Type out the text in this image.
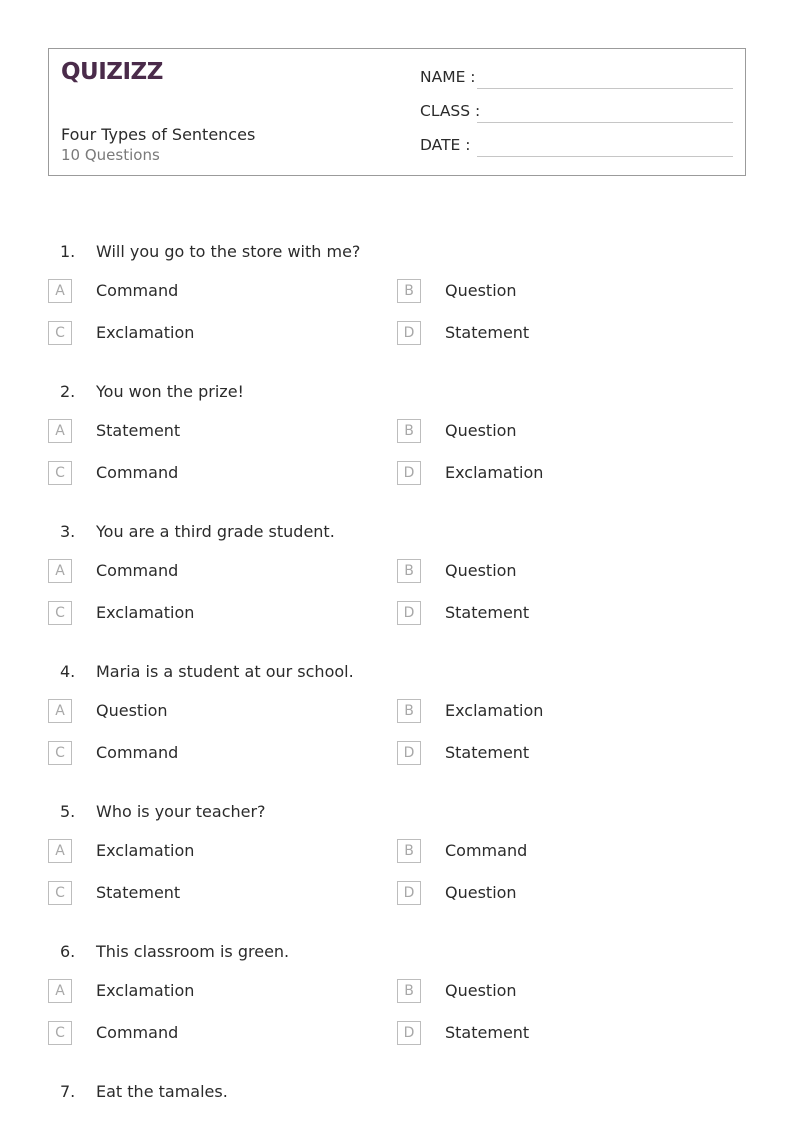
QUIZIZZ
Four Types of Sentences
10 Questions
NAME :
CLASS :
DATE :
1. Will you go to the store with me?
A	Command	B	Question
C	Exclamation	D	Statement
2. You won the prize!
A	Statement	B	Question
C	Command	D	Exclamation
3. You are a third grade student.
A	Command	B	Question
C	Exclamation	D	Statement
4. Maria is a student at our school.
A	Question	B	Exclamation
C	Command	D	Statement
5. Who is your teacher?
A	Exclamation	B	Command
C	Statement	D	Question
6. This classroom is green.
A	Exclamation	B	Question
C	Command	D	Statement
7. Eat the tamales.
